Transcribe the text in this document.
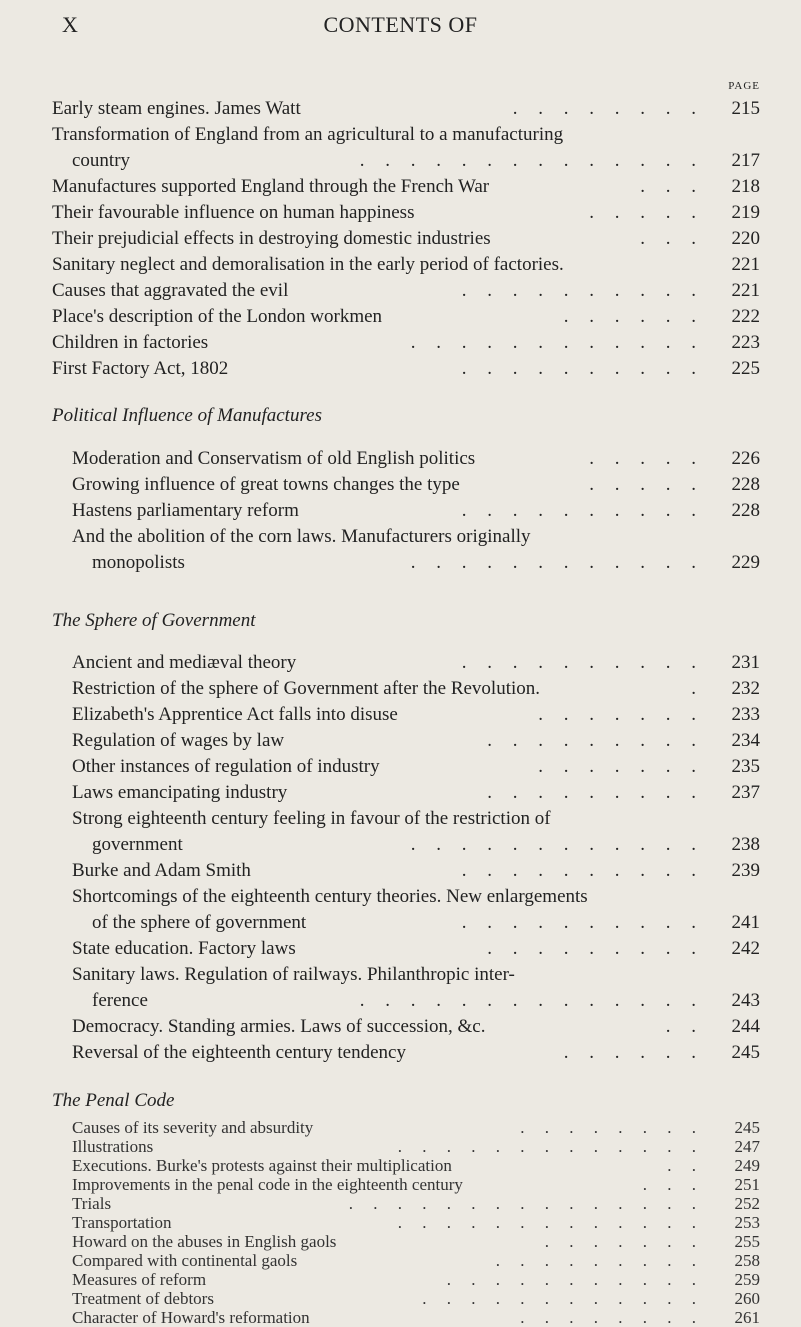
X	CONTENTS OF
PAGE
Early steam engines. James Watt	. . . . . . . . 215
Transformation of England from an agricultural to a manufacturing
country	. . . . . . . . . . . . . . 217
Manufactures supported England through the French War	. . . 218
Their favourable influence on human happiness	. . . . . 219
Their prejudicial effects in destroying domestic industries	. . . 220
Sanitary neglect and demoralisation in the early period of factories.	221
Causes that aggravated the evil	. . . . . . . . . . 221
Place's description of the London workmen	. . . . . . 222
Children in factories	. . . . . . . . . . . . 223
First Factory Act, 1802	. . . . . . . . . . 225
Political Influence of Manufactures
Moderation and Conservatism of old English politics	. . . . . 226
Growing influence of great towns changes the type	. . . . . 228
Hastens parliamentary reform	. . . . . . . . . . 228
And the abolition of the corn laws. Manufacturers originally
monopolists	. . . . . . . . . . . . 229
The Sphere of Government
Ancient and mediæval theory	. . . . . . . . . . 231
Restriction of the sphere of Government after the Revolution.	. 232
Elizabeth's Apprentice Act falls into disuse	. . . . . . . 233
Regulation of wages by law	. . . . . . . . . 234
Other instances of regulation of industry	. . . . . . . 235
Laws emancipating industry	. . . . . . . . . 237
Strong eighteenth century feeling in favour of the restriction of
government	. . . . . . . . . . . . 238
Burke and Adam Smith	. . . . . . . . . . 239
Shortcomings of the eighteenth century theories. New enlargements
of the sphere of government	. . . . . . . . . . 241
State education. Factory laws	. . . . . . . . . 242
Sanitary laws. Regulation of railways. Philanthropic inter-
ference	. . . . . . . . . . . . . . 243
Democracy. Standing armies. Laws of succession, &c.	. . 244
Reversal of the eighteenth century tendency	. . . . . . 245
The Penal Code
Causes of its severity and absurdity	. . . . . . . . 245
Illustrations	. . . . . . . . . . . . . 247
Executions. Burke's protests against their multiplication	. . 249
Improvements in the penal code in the eighteenth century	. . . 251
Trials	. . . . . . . . . . . . . . . 252
Transportation	. . . . . . . . . . . . . 253
Howard on the abuses in English gaols	. . . . . . . 255
Compared with continental gaols	. . . . . . . . . 258
Measures of reform	. . . . . . . . . . . 259
Treatment of debtors	. . . . . . . . . . . . 260
Character of Howard's reformation	. . . . . . . . 261
